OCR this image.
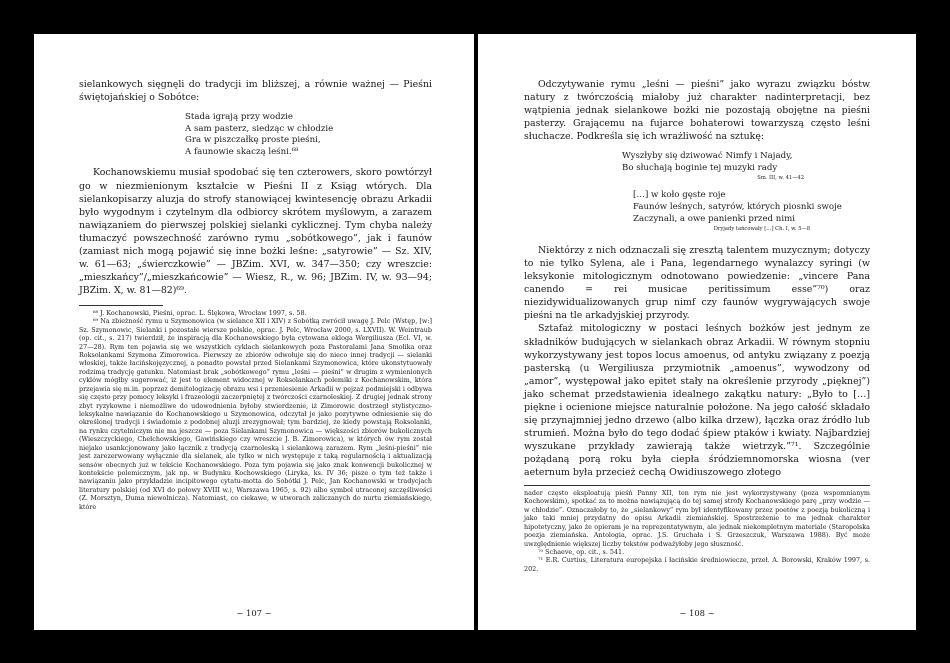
sielankowych sięgnęli do tradycji im bliższej, a równie ważnej — Pieśni świętojańskiej o Sobótce:

Stada igrają przy wodzie
A sam pasterz, siedząc w chłodzie
Gra w piszczałkę proste pieśni,
A faunowie skaczą leśni.⁶⁸

Kochanowskiemu musiał spodobać się ten czterowers, skoro powtórzył go w niezmienionym kształcie w Pieśni II z Ksiąg wtórych. Dla sielankopisarzy aluzja do strofy stanowiącej kwintesencję obrazu Arkadii było wygodnym i czytelnym dla odbiorcy skrótem myślowym, a zarazem nawiązaniem do pierwszej polskiej sielanki cyklicznej. Tym chyba należy tłumaczyć powszechność zarówno rymu „sobótkowego”, jak i faunów (zamiast nich mogą pojawić się inne bożki leśne: „satyrowie” — Sz. XIV, w. 61—63; „świerczkowie” — JBZim. XVI, w. 347—350; czy wreszcie: „mieszkańcy”/„mieszkańcowie” — Wiesz, R., w. 96; JBZim. IV, w. 93—94; JBZim. X, w. 81—82)⁶⁹.

⁶⁸ J. Kochanowski, Pieśni, oprac. L. Ślękowa, Wrocław 1997, s. 58.

⁶⁹ Na zbieżność rymu u Szymonowica (w sielance XII i XIV) z Sobótką zwrócił uwagę J. Pelc (Wstęp, [w:] Sz. Szymonowic, Sielanki i pozostałe wiersze polskie, oprac. J. Pelc, Wrocław 2000, s. LXVII). W. Weintraub (op. cit., s. 217) twierdził, że inspiracją dla Kochanowskiego była cytowana ekloga Wergiliusza (Ecl. VI, w. 27—28). Rym ten pojawia się we wszystkich cyklach sielankowych poza Pastoralami Jana Smolika oraz Roksolankami Szymona Zimorowica. Pierwszy ze zbiorów odwołuje się do nieco innej tradycji — sielanki włoskiej, także łacińskojęzycznej, a ponadto powstał przed Sielankami Szymonowica, które ukonstytuowały rodzimą tradycję gatunku. Natomiast brak „sobótkowego” rymu „leśni — pieśni” w drugim z wymienionych cyklów mógłby sugerować, iż jest to element widocznej w Roksolankach polemiki z Kochanowskim, która przejawia się m.in. poprzez demitologizację obrazu wsi i przeniesienie Arkadii w pejzaż podmiejski i odbywa się często przy pomocy leksyki i frazeologii zaczerpniętej z twórczości czarnoleskiej. Z drugiej jednak strony zbyt ryzykowne i niemożliwe do udowodnienia byłoby stwierdzenie, iż Zimorowic dostrzegł stylistyczno-leksykalne nawiązanie do Kochanowskiego u Szymonowica, odczytał je jako pozytywne odniesienie się do określonej tradycji i świadomie z podobnej aluzji zrezygnował; tym bardziej, że kiedy powstają Roksolanki, na rynku czytelniczym nie ma jeszcze — poza Sielankami Szymonowica — większości zbiorów bukolicznych (Wieszczyckiego, Chełchowskiego, Gawińskiego czy wreszcie J. B. Zimorowica), w których ów rym został niejako usankcjonowany jako łącznik z tradycją czarnoleską i sielankową zarazem. Rym „leśni-pieśni” nie jest zarezerwowany wyłącznie dla sielanek, ale tylko w nich występuje z taką regularnością i aktualizacją sensów obecnych już w tekście Kochanowskiego. Poza tym pojawia się jako znak konwencji bukolicznej w kontekście polemicznym, jak np. w Budynku Kochowskiego (Liryka, ks. IV 36; pisze o tym też także i nawiązaniu jako przykładzie incipitowego cytatu-motta do Sobótki J. Pelc, Jan Kochanowski w tradycjach literatury polskiej (od XVI do połowy XVIII w.), Warszawa 1965, s. 92) albo symbol utraconej szczęśliwości (Z. Morsztyn, Duma niewolnicza). Natomiast, co ciekawe, w utworach zaliczanych do nurtu ziemiańskiego, które

~ 107 ~

Odczytywanie rymu „leśni — pieśni” jako wyrazu związku bóstw natury z twórczością miałoby już charakter nadinterpretacji, bez wątpienia jednak sielankowe bożki nie pozostają obojętne na pieśni pasterzy. Grającemu na fujarce bohaterowi towarzyszą często leśni słuchacze. Podkreśla się ich wrażliwość na sztukę:

Wyszłyby się dziwować Nimfy i Najady,
Bo słuchają boginie tej muzyki rady
Sm. III, w. 41—42
[…] w koło gęste roje
Faunów leśnych, satyrów, których piosnki swoje
Zaczynali, a owe panienki przed nimi
Dryjady tańcowały […] Ch. I, w. 5—8

Niektórzy z nich odznaczali się zresztą talentem muzycznym; dotyczy to nie tylko Sylena, ale i Pana, legendarnego wynalazcy syringi (w leksykonie mitologicznym odnotowano powiedzenie: „vincere Pana canendo = rei musicae peritissimum esse”⁷⁰) oraz niezidywidualizowanych grup nimf czy faunów wygrywających swoje pieśni na tle arkadyjskiej przyrody.

Sztafaż mitologiczny w postaci leśnych bożków jest jednym ze składników budujących w sielankach obraz Arkadii. W równym stopniu wykorzystywany jest topos locus amoenus, od antyku związany z poezją pasterską (u Wergiliusza przymiotnik „amoenus”, wywodzony od „amor”, występował jako epitet stały na określenie przyrody „pięknej”) jako schemat przedstawienia idealnego zakątku natury: „Było to […] piękne i ocienione miejsce naturalnie położone. Na jego całość składało się przynajmniej jedno drzewo (albo kilka drzew), łączka oraz źródło lub strumień. Można było do tego dodać śpiew ptaków i kwiaty. Najbardziej wyszukane przykłady zawierają także wietrzyk.”⁷¹. Szczególnie pożądaną porą roku była ciepła śródziemnomorska wiosna (ver aeternum była przecież cechą Owidiuszowego złotego

nader często eksploatują pieśń Panny XII, ten rym nie jest wykorzystywany (poza wspomnianym Kochowskim), spotkać za to można nawiązującą do tej samej strofy Kochanowskiego parę „przy wodzie — w chłodzie”. Oznaczałoby to, że „sielankowy” rym był identyfikowany przez poetów z poezją bukoliczną i jako taki mniej przydatny do opisu Arkadii ziemiańskiej. Spostrzeżenie to ma jednak charakter hipotetyczny, jako że opieram je na reprezentatywnym, ale jednak niekompletnym materiale (Staropolska poezja ziemiańska. Antologia, oprac. J.S. Gruchała i S. Grzeszczuk, Warszawa 1988). Być może uwzględnienie większej liczby tekstów podważyłoby jego słuszność.

⁷⁰ Schaeve, op. cit., s. 541.

⁷¹ E.R. Curtius, Literatura europejska i łacińskie średniowiecze, przeł. A. Borowski, Kraków 1997, s. 202.

~ 108 ~
